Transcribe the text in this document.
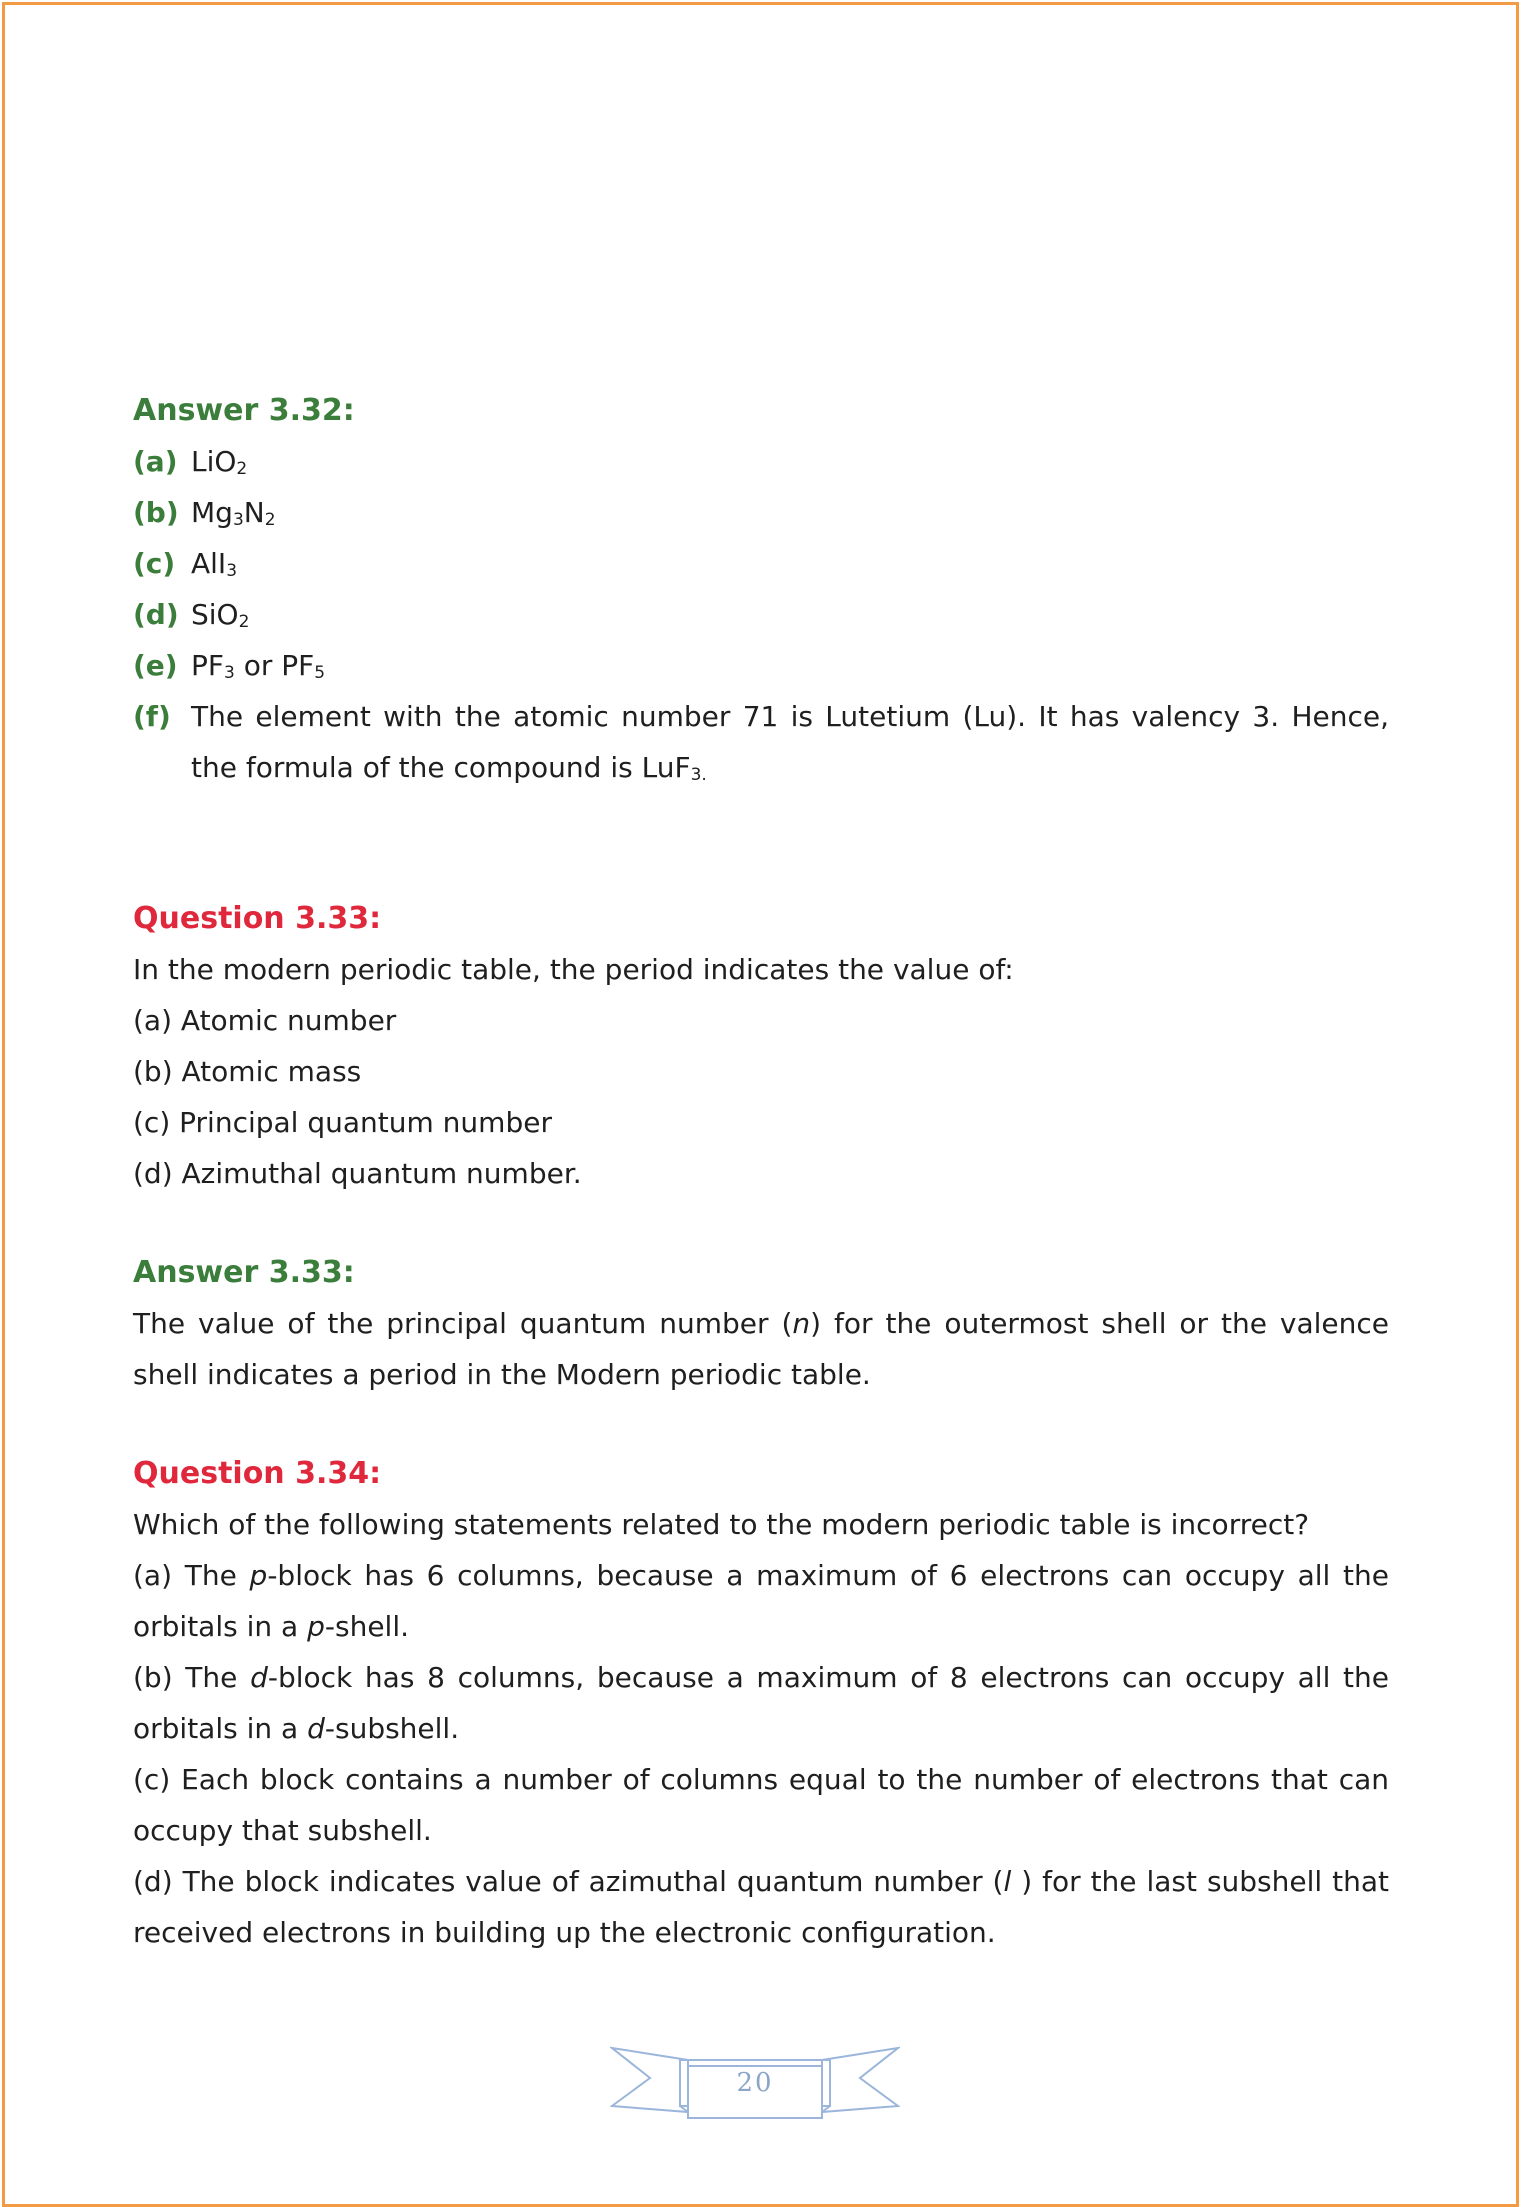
Answer 3.32:
(a) LiO$_2$
(b) $Mg_3N_2$
(c) AlI$_3$
(d) SiO$_2$
(e) $PF_3$ or $PF_5$
(f) The element with the atomic number 71 is Lutetium (Lu). It has valency 3. Hence, the formula of the compound is LuF$_{3.}$
Question 3.33:
In the modern periodic table, the period indicates the value of:
(a) Atomic number
(b) Atomic mass
(c) Principal quantum number
(d) Azimuthal quantum number.
Answer 3.33:
The value of the principal quantum number (n) for the outermost shell or the valence shell indicates a period in the Modern periodic table.
Question 3.34:
Which of the following statements related to the modern periodic table is incorrect?
(a) The p-block has 6 columns, because a maximum of 6 electrons can occupy all the orbitals in a p-shell.
(b) The d-block has 8 columns, because a maximum of 8 electrons can occupy all the orbitals in a d-subshell.
(c) Each block contains a number of columns equal to the number of electrons that can occupy that subshell.
(d) The block indicates value of azimuthal quantum number (l ) for the last subshell that received electrons in building up the electronic configuration.
20
